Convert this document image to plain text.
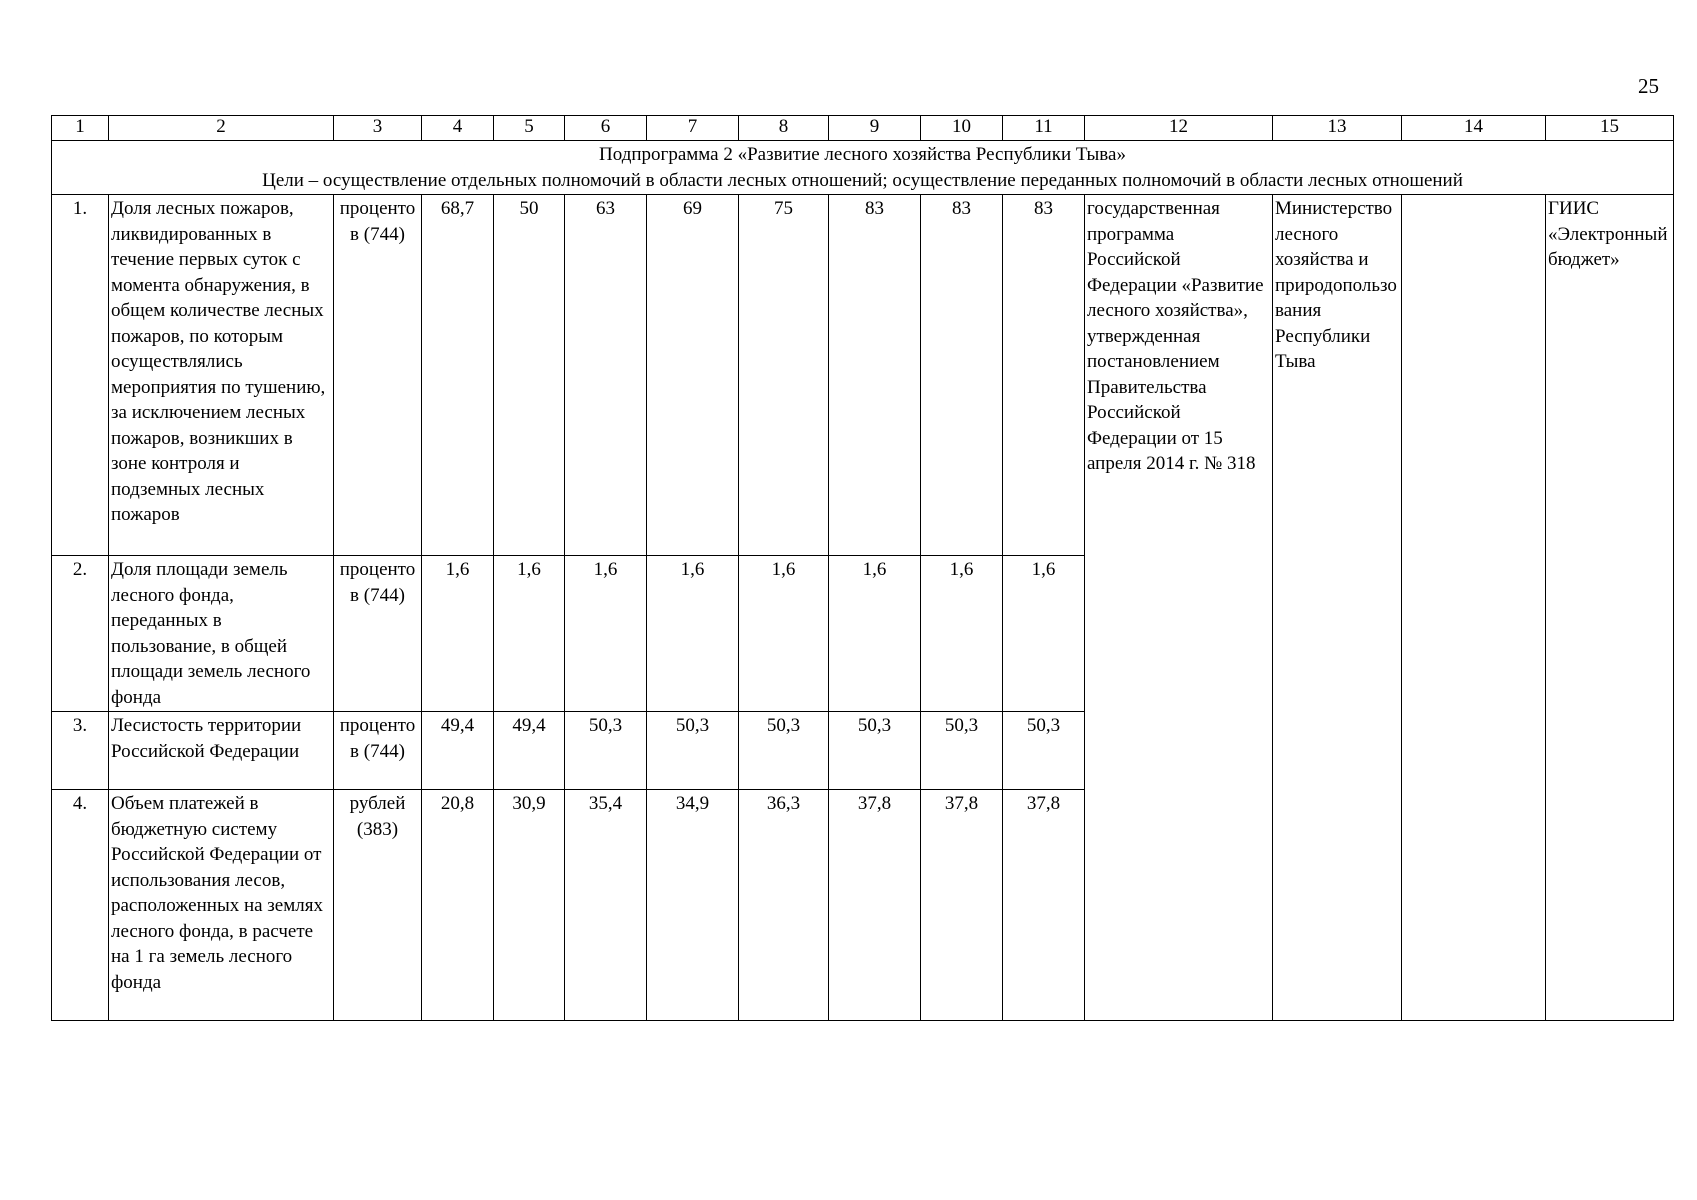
25
1	2	3	4	5	6	7	8	9	10	11	12	13	14	15

Подпрограмма 2 «Развитие лесного хозяйства Республики Тыва»
Цели – осуществление отдельных полномочий в области лесных отношений; осуществление переданных полномочий в области лесных отношений														

1.	Доля лесных пожаров, ликвидированных в течение первых суток с момента обнаружения, в общем количестве лесных пожаров, по которым осуществлялись мероприятия по тушению, за исключением лесных пожаров, возникших в зоне контроля и подземных лесных пожаров	процентов (744)	68,7	50	63	69	75	83	83	83	государственная программа Российской Федерации «Развитие лесного хозяйства», утвержденная постановлением Правительства Российской Федерации от 15 апреля 2014 г. № 318	Министерство лесного хозяйства и природопользования Республики Тыва		ГИИС «Электронный бюджет»
2.	Доля площади земель лесного фонда, переданных в пользование, в общей площади земель лесного фонда	процентов (744)	1,6	1,6	1,6	1,6	1,6	1,6	1,6	1,6				
3.	Лесистость территории Российской Федерации	процентов (744)	49,4	49,4	50,3	50,3	50,3	50,3	50,3	50,3				
4.	Объем платежей в бюджетную систему Российской Федерации от использования лесов, расположенных на землях лесного фонда, в расчете на 1 га земель лесного фонда	рублей (383)	20,8	30,9	35,4	34,9	36,3	37,8	37,8	37,8				
